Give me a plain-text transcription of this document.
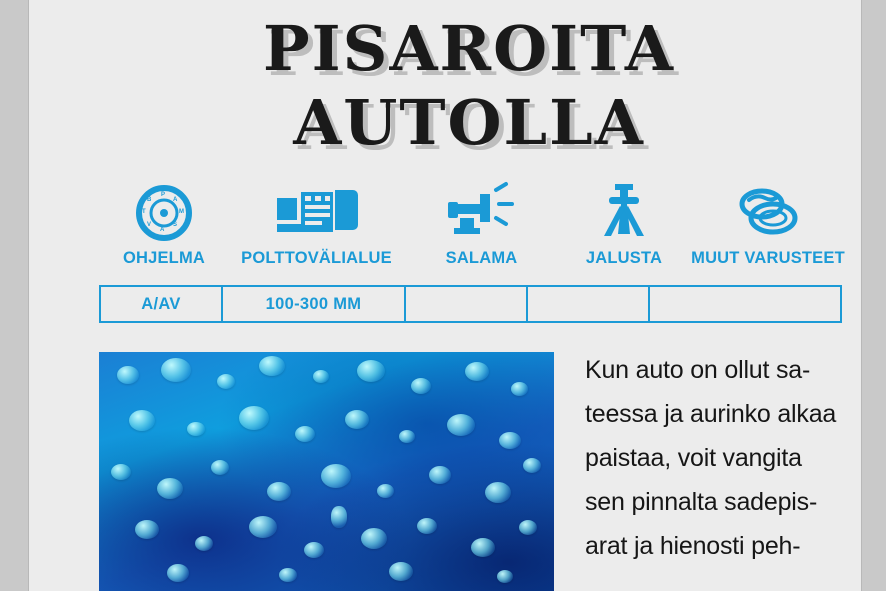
PISAROITA
AUTOLLA
P
A
M
S
A
V
T
B
OHJELMA	POLTTOVÄLIALUE	SALAMA	JALUSTA	MUUT VARUSTEET
A/AV	100-300 MM
Kun auto on ollut sa-
teessa ja aurinko alkaa
paistaa, voit vangita
sen pinnalta sadepis-
arat ja hienosti peh-
